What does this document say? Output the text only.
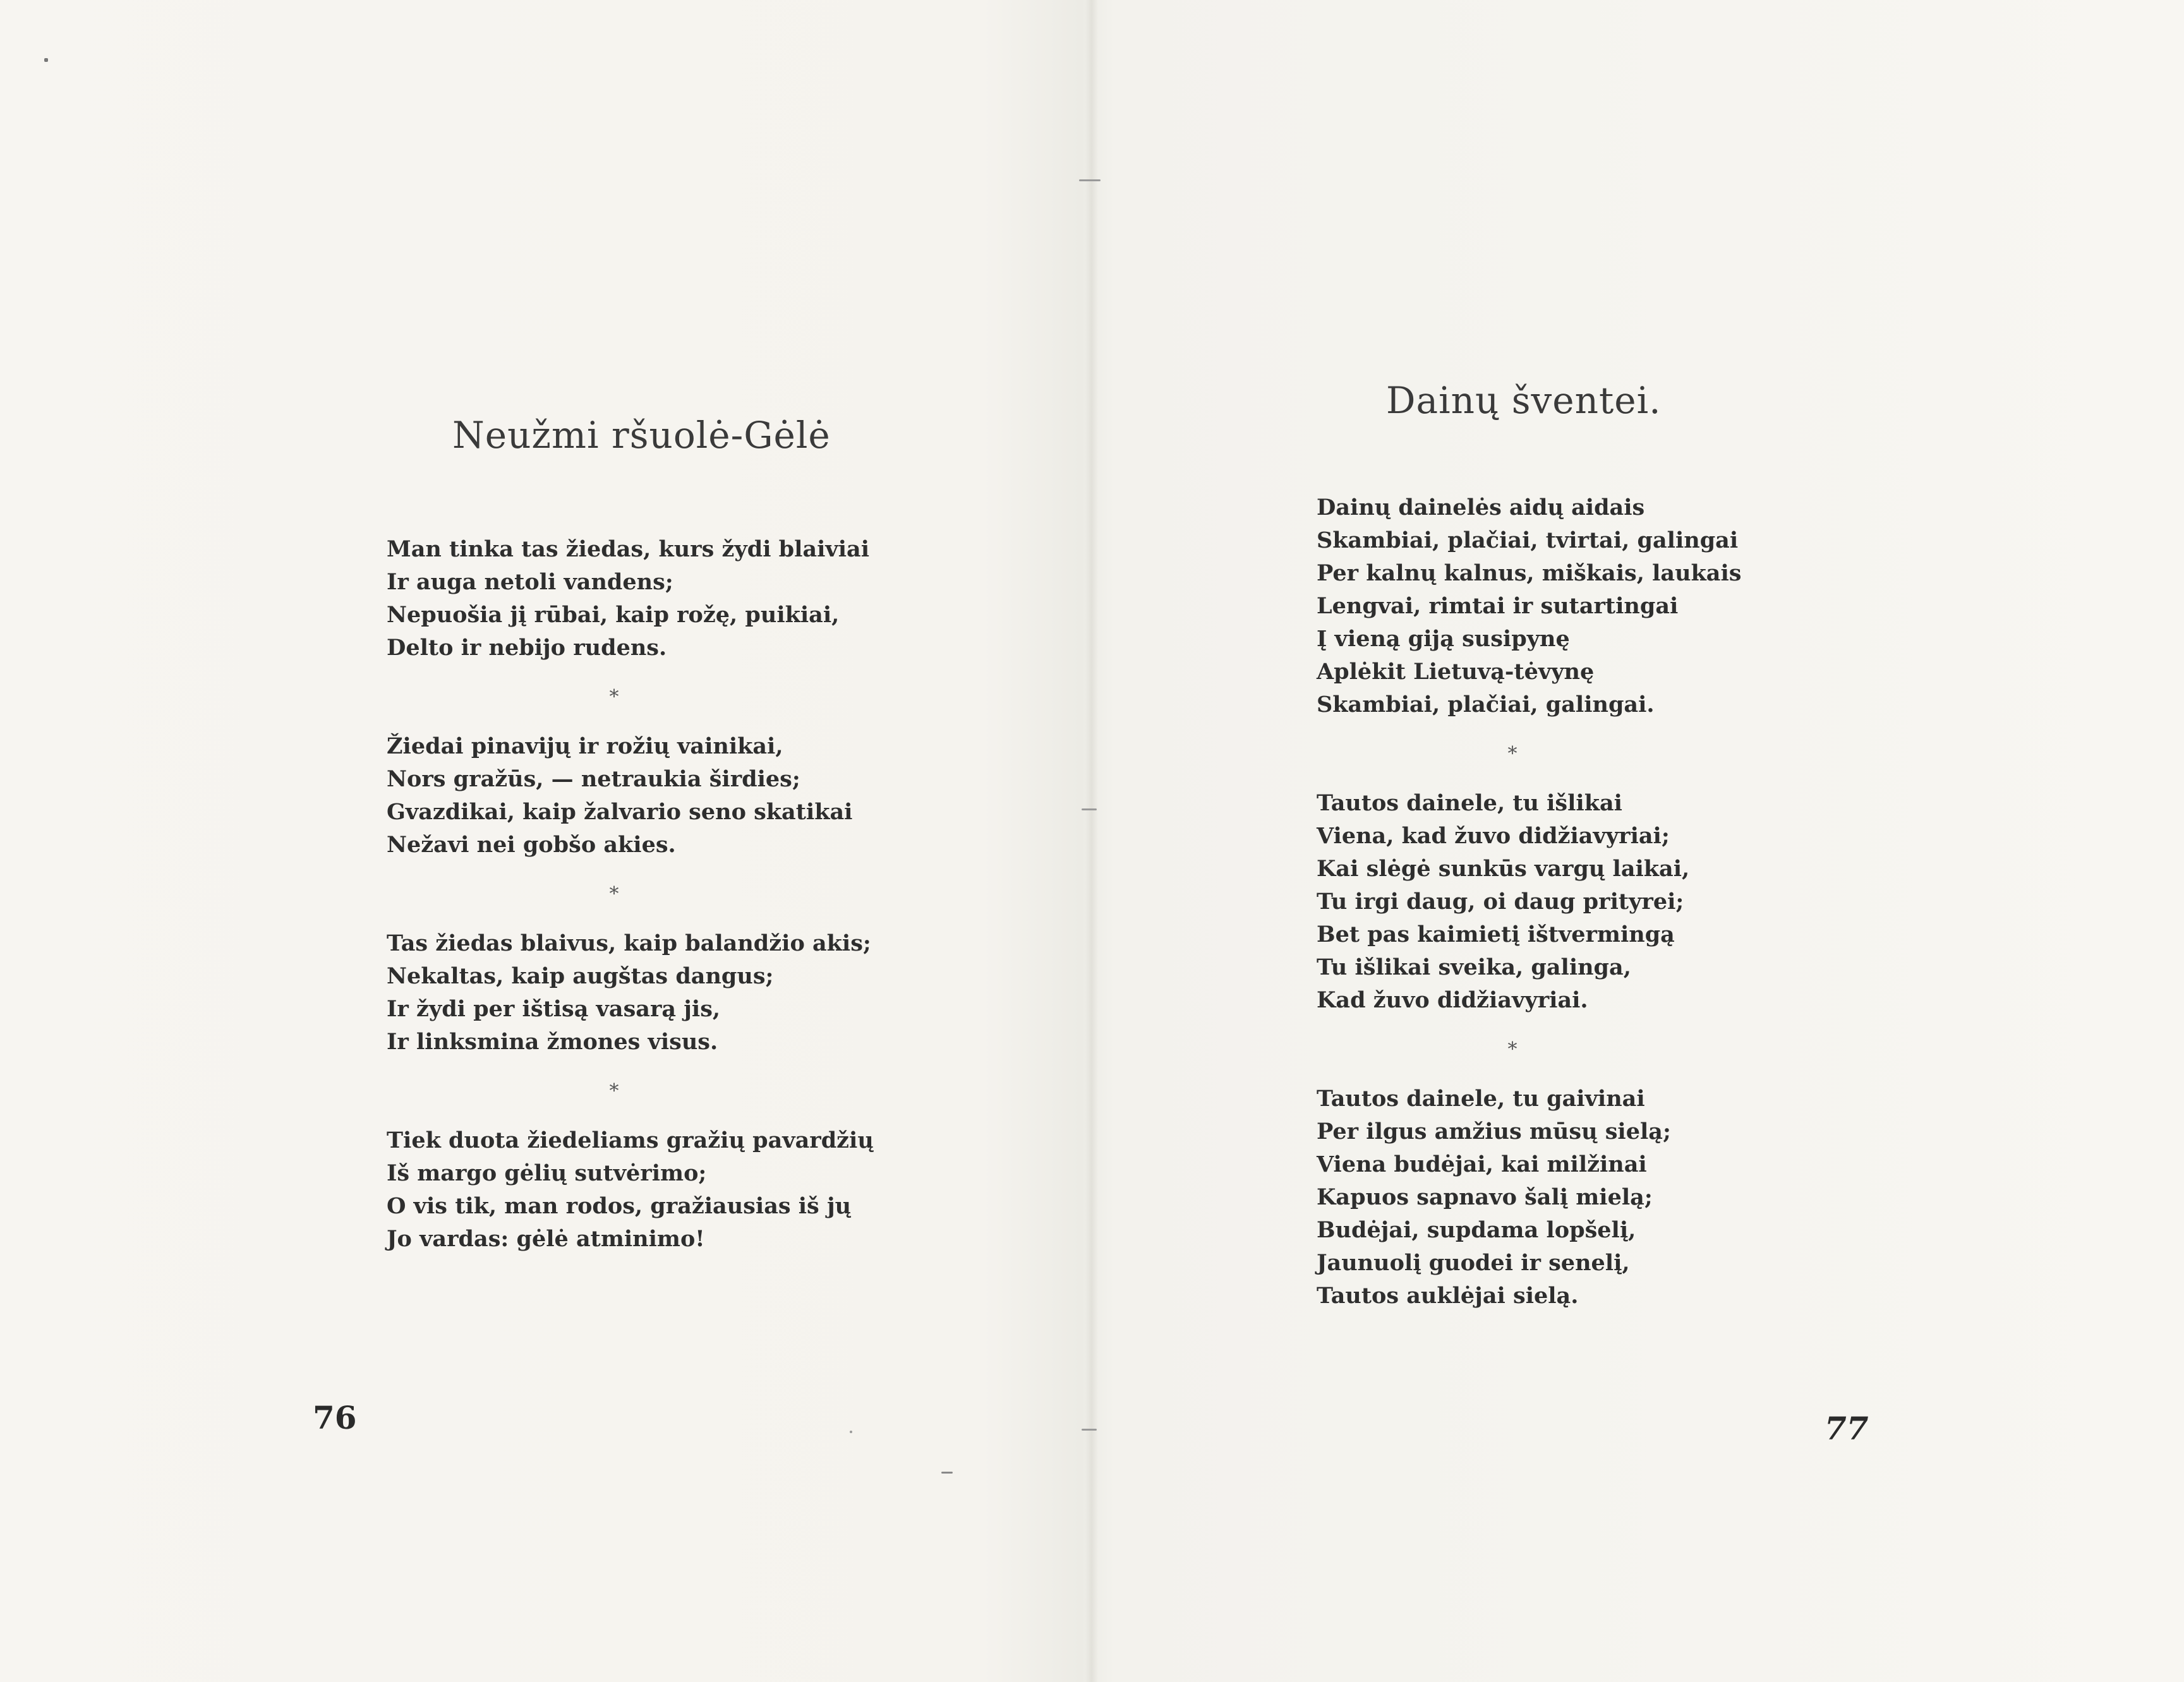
Neužmi ršuolė-Gėlė
Man tinka tas žiedas, kurs žydi blaiviai
Ir auga netoli vandens;
Nepuošia jį rūbai, kaip rožę, puikiai,
Delto ir nebijo rudens.
*
Žiedai pinavijų ir rožių vainikai,
Nors gražūs, — netraukia širdies;
Gvazdikai, kaip žalvario seno skatikai
Nežavi nei gobšo akies.
*
Tas žiedas blaivus, kaip balandžio akis;
Nekaltas, kaip augštas dangus;
Ir žydi per ištisą vasarą jis,
Ir linksmina žmones visus.
*
Tiek duota žiedeliams gražių pavardžių
Iš margo gėlių sutvėrimo;
O vis tik, man rodos, gražiausias iš jų
Jo vardas: gėlė atminimo!
76
Dainų šventei.
Dainų dainelės aidų aidais
Skambiai, plačiai, tvirtai, galingai
Per kalnų kalnus, miškais, laukais
Lengvai, rimtai ir sutartingai
Į vieną giją susipynę
Aplėkit Lietuvą-tėvynę
Skambiai, plačiai, galingai.
*
Tautos dainele, tu išlikai
Viena, kad žuvo didžiavyriai;
Kai slėgė sunkūs vargų laikai,
Tu irgi daug, oi daug prityrei;
Bet pas kaimietį ištvermingą
Tu išlikai sveika, galinga,
Kad žuvo didžiavyriai.
*
Tautos dainele, tu gaivinai
Per ilgus amžius mūsų sielą;
Viena budėjai, kai milžinai
Kapuos sapnavo šalį mielą;
Budėjai, supdama lopšelį,
Jaunuolį guodei ir senelį,
Tautos auklėjai sielą.
77
